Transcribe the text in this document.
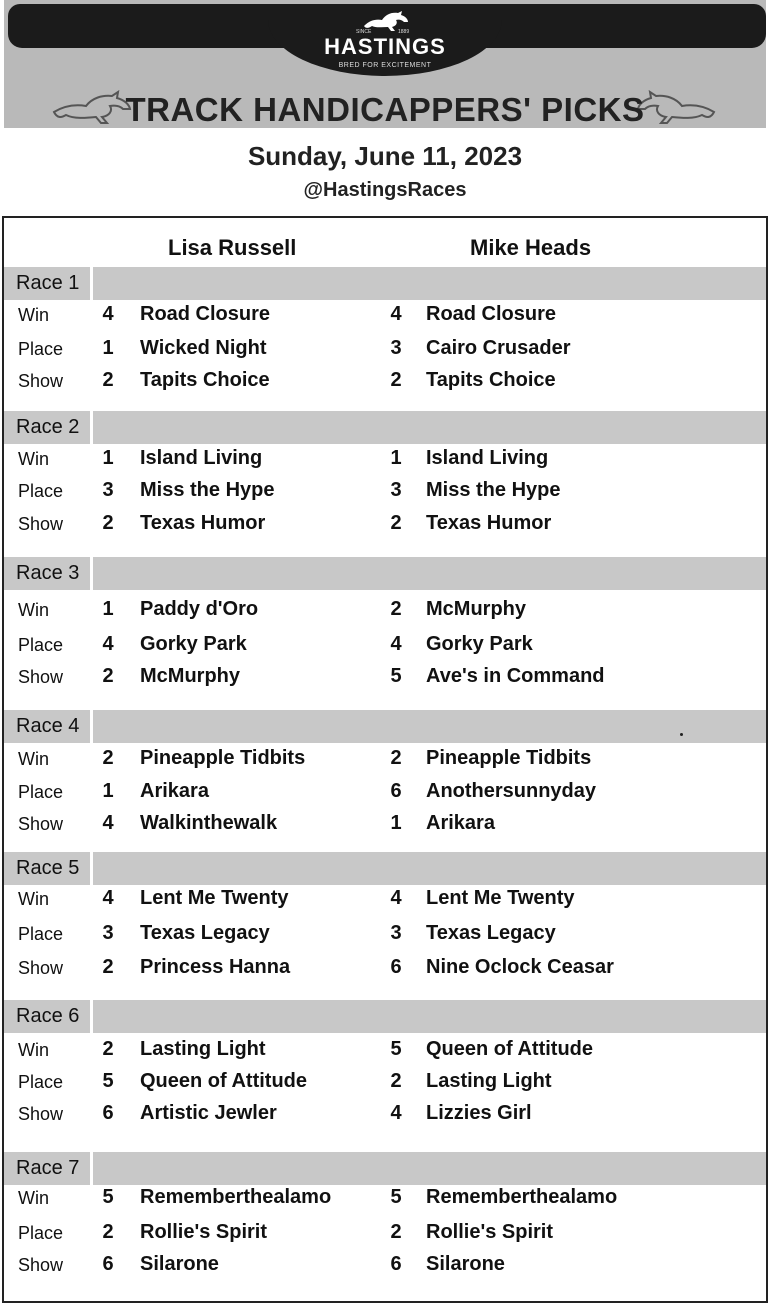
SINCE	1889
HASTINGS
BRED FOR EXCITEMENT
TRACK HANDICAPPERS' PICKS
Sunday, June 11, 2023
@HastingsRaces
Lisa Russell	Mike Heads
Race 1
Win	4 Road Closure	4 Road Closure
Place 1 Wicked Night	3 Cairo Crusader
Show 2 Tapits Choice	2 Tapits Choice
Race 2
Win	1 Island Living	1 Island Living
Place 3 Miss the Hype	3 Miss the Hype
Show 2 Texas Humor	2 Texas Humor
Race 3
Win	1 Paddy d'Oro	2 McMurphy
Place 4 Gorky Park	4 Gorky Park
Show 2 McMurphy	5 Ave's in Command
Race 4
Win	2 Pineapple Tidbits	2 Pineapple Tidbits
Place 1 Arikara	6 Anothersunnyday
Show 4 Walkinthewalk	1 Arikara
Race 5
Win	4 Lent Me Twenty	4 Lent Me Twenty
Place 3 Texas Legacy	3 Texas Legacy
Show 2 Princess Hanna	6 Nine Oclock Ceasar
Race 6
Win	2 Lasting Light	5 Queen of Attitude
Place 5 Queen of Attitude	2 Lasting Light
Show 6 Artistic Jewler	4 Lizzies Girl
Race 7
Win	5 Rememberthealamo	5 Rememberthealamo
Place 2 Rollie's Spirit	2 Rollie's Spirit
Show 6 Silarone	6 Silarone
